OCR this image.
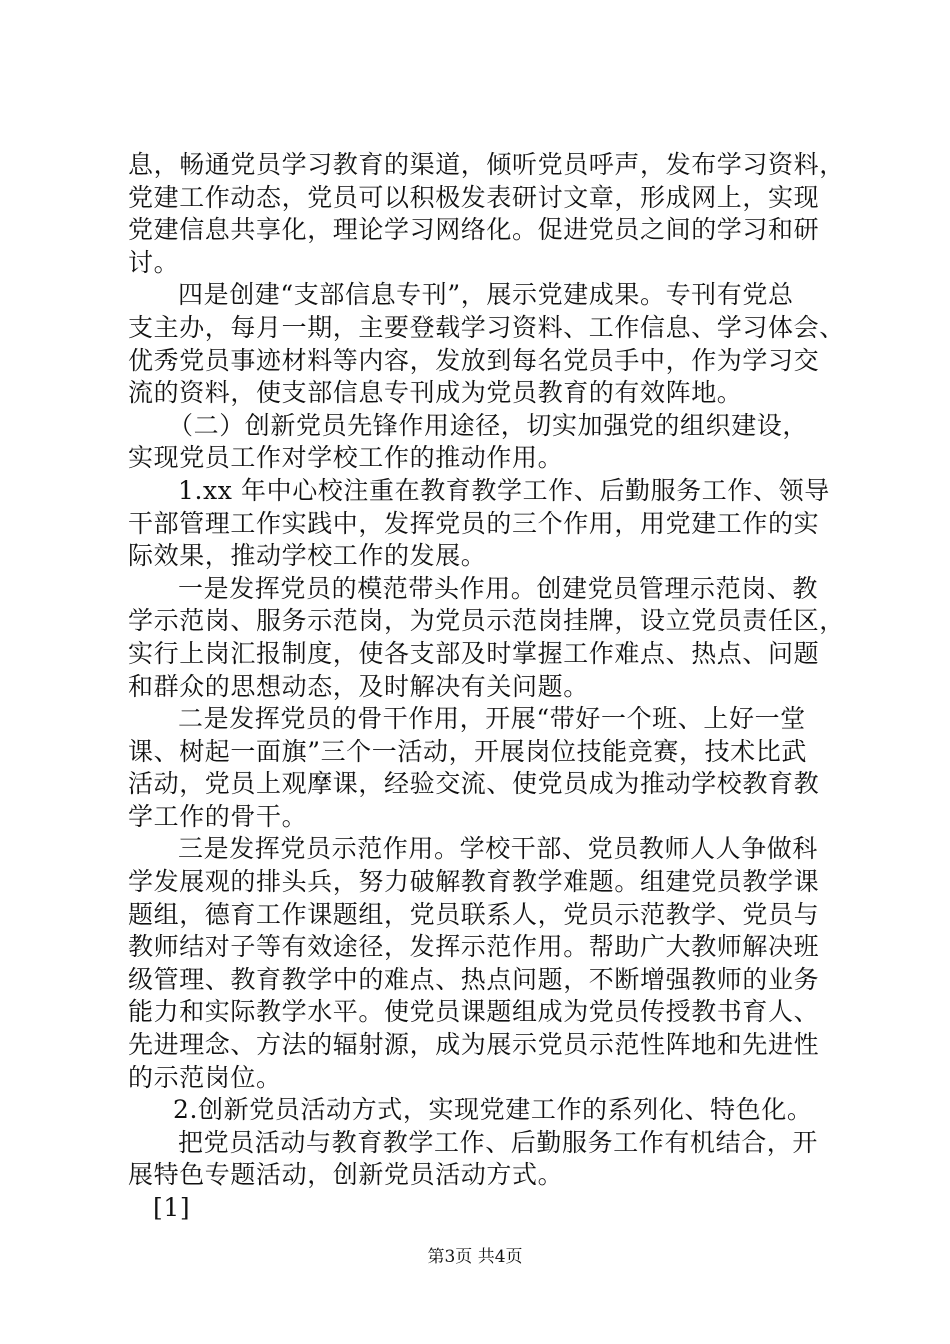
息，畅通党员学习教育的渠道，倾听党员呼声，发布学习资料，
党建工作动态，党员可以积极发表研讨文章，形成网上，实现
党建信息共享化，理论学习网络化。促进党员之间的学习和研
讨。
四是创建“支部信息专刊”，展示党建成果。专刊有党总
支主办，每月一期，主要登载学习资料、工作信息、学习体会、
优秀党员事迹材料等内容，发放到每名党员手中，作为学习交
流的资料，使支部信息专刊成为党员教育的有效阵地。
（二）创新党员先锋作用途径，切实加强党的组织建设，
实现党员工作对学校工作的推动作用。
1.xx 年中心校注重在教育教学工作、后勤服务工作、领导
干部管理工作实践中，发挥党员的三个作用，用党建工作的实
际效果，推动学校工作的发展。
一是发挥党员的模范带头作用。创建党员管理示范岗、教
学示范岗、服务示范岗，为党员示范岗挂牌，设立党员责任区，
实行上岗汇报制度，使各支部及时掌握工作难点、热点、问题
和群众的思想动态，及时解决有关问题。
二是发挥党员的骨干作用，开展“带好一个班、上好一堂
课、树起一面旗”三个一活动，开展岗位技能竞赛，技术比武
活动，党员上观摩课，经验交流、使党员成为推动学校教育教
学工作的骨干。
三是发挥党员示范作用。学校干部、党员教师人人争做科
学发展观的排头兵，努力破解教育教学难题。组建党员教学课
题组，德育工作课题组，党员联系人，党员示范教学、党员与
教师结对子等有效途径，发挥示范作用。帮助广大教师解决班
级管理、教育教学中的难点、热点问题，不断增强教师的业务
能力和实际教学水平。使党员课题组成为党员传授教书育人、
先进理念、方法的辐射源，成为展示党员示范性阵地和先进性
的示范岗位。
2.创新党员活动方式，实现党建工作的系列化、特色化。
把党员活动与教育教学工作、后勤服务工作有机结合，开
展特色专题活动，创新党员活动方式。
[1]
第3页 共4页
